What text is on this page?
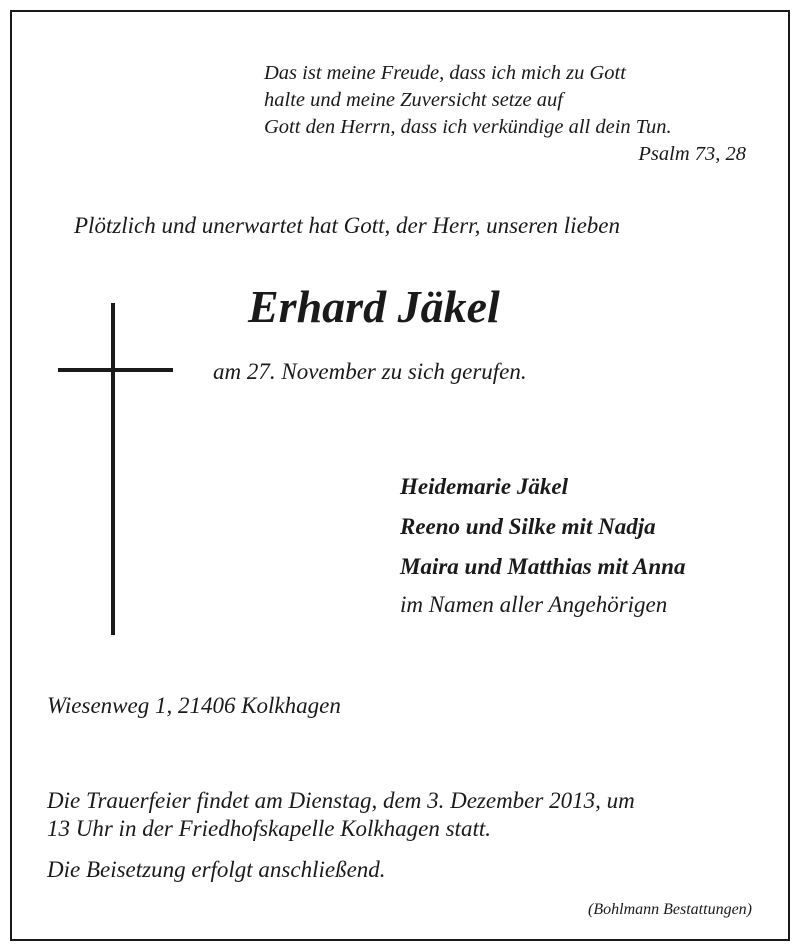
Das ist meine Freude, dass ich mich zu Gott
halte und meine Zuversicht setze auf
Gott den Herrn, dass ich verkündige all dein Tun.
Psalm 73, 28
Plötzlich und unerwartet hat Gott, der Herr, unseren lieben
Erhard Jäkel
am 27. November zu sich gerufen.
Heidemarie Jäkel
Reeno und Silke mit Nadja
Maira und Matthias mit Anna
im Namen aller Angehörigen
Wiesenweg 1, 21406 Kolkhagen
Die Trauerfeier findet am Dienstag, dem 3. Dezember 2013, um
13 Uhr in der Friedhofskapelle Kolkhagen statt.
Die Beisetzung erfolgt anschließend.
(Bohlmann Bestattungen)
